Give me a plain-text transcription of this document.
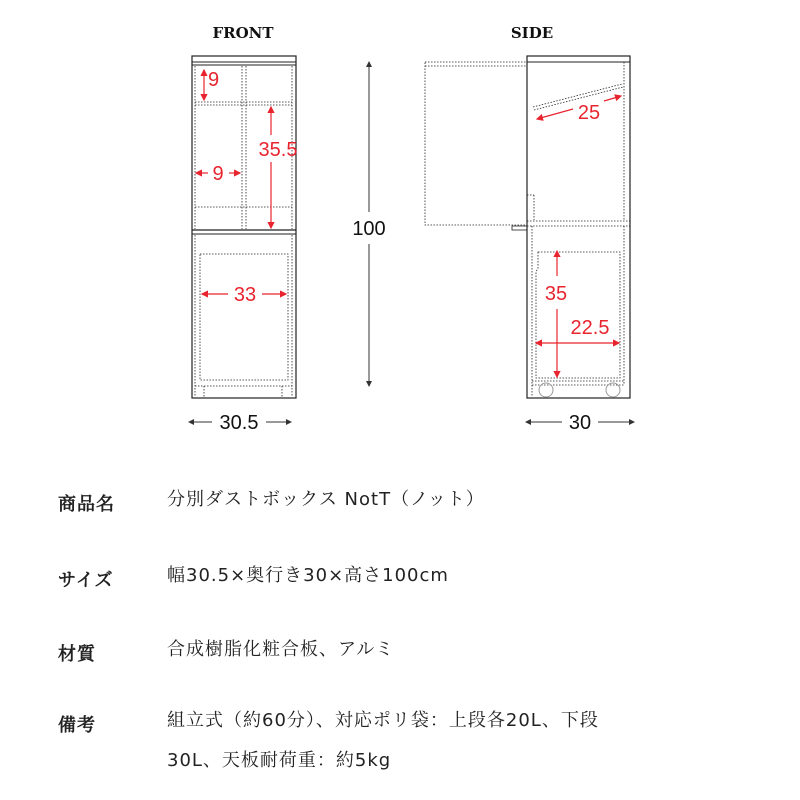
FRONT	SIDE
9
9
35.5
33
30.5
100
25
35
22.5
30
商品名	分別ダストボックス NotT（ノット）
サイズ	幅30.5×奥行き30×高さ100cm
材質	合成樹脂化粧合板、アルミ
備考	組立式（約60分）、対応ポリ袋：上段各20L、下段
30L、天板耐荷重：約5kg
